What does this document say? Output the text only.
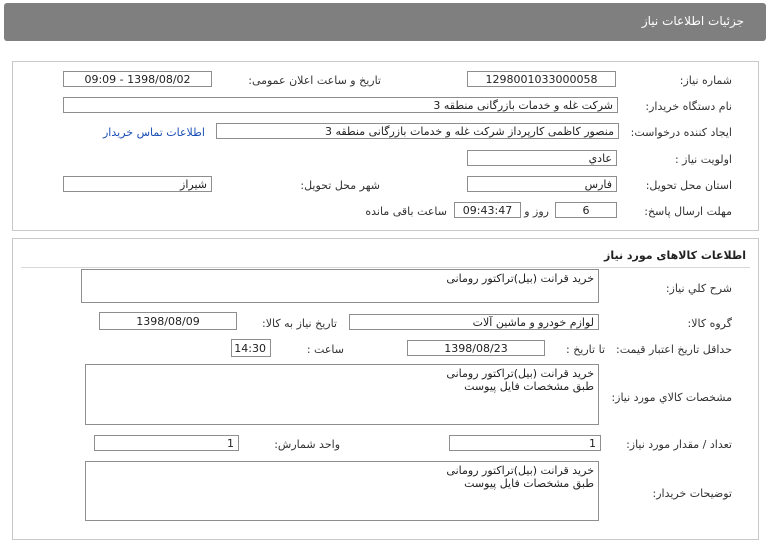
جزئیات اطلاعات نیاز
شماره نیاز:
1298001033000058
تاریخ و ساعت اعلان عمومی:
1398/08/02 - 09:09
نام دستگاه خریدار:
شرکت غله و خدمات بازرگانی منطقه 3
ایجاد کننده درخواست:
منصور کاظمی کارپرداز شرکت غله و خدمات بازرگانی منطقه 3
اطلاعات تماس خریدار
اولویت نیاز :
عادي
استان محل تحویل:
فارس
شهر محل تحویل:
شیراز
مهلت ارسال پاسخ:
6
روز و
09:43:47
ساعت باقی مانده
اطلاعات کالاهای مورد نیاز
شرح کلي نياز:
خرید قرانت (بیل)تراکتور رومانی
گروه کالا:
لوازم خودرو و ماشین آلات
تاریخ نیاز به کالا:
1398/08/09
حداقل تاریخ اعتبار قیمت:
تا تاریخ :
1398/08/23
ساعت :
14:30
مشخصات کالاي مورد نياز:
خرید قرانت (بیل)تراکتور رومانی
طبق مشخصات فایل پیوست
تعداد / مقدار مورد نیاز:
1
واحد شمارش:
1
توضیحات خریدار:
خرید قرانت (بیل)تراکتور رومانی
طبق مشخصات فایل پیوست
